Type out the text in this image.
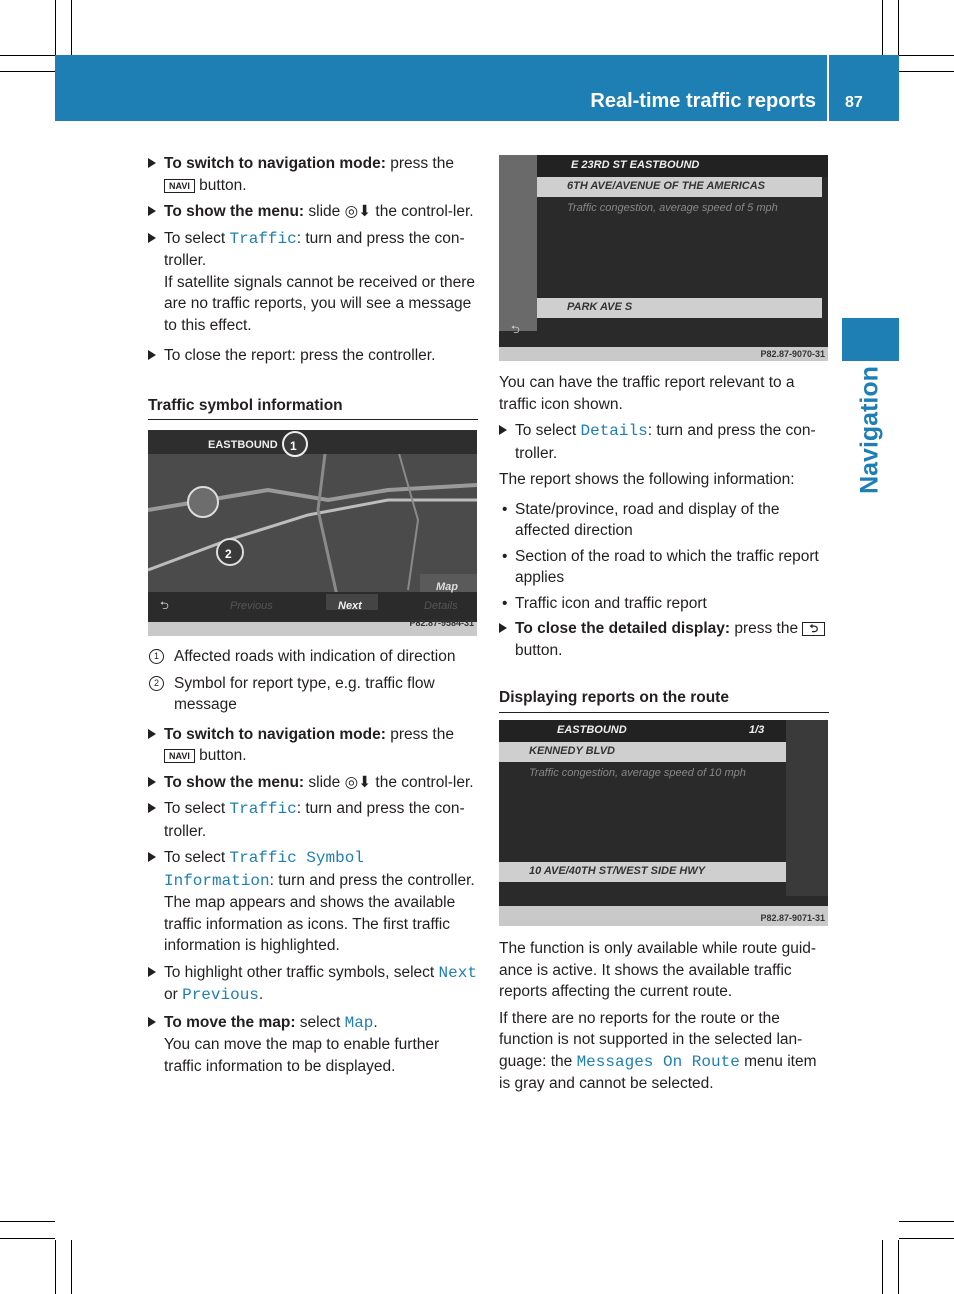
Real-time traffic reports 87
Navigation

To switch to navigation mode: press the NAVI button.

To show the menu: slide ◎⬇ the control-ler.

To select Traffic: turn and press the con-troller.

If satellite signals cannot be received or there are no traffic reports, you will see a message to this effect.

To close the report: press the controller.

Traffic symbol information
EASTBOUND 1
2
Map
⮌	Previous	Next	Details
P82.87-9584-31
1 Affected roads with indication of direction
2 Symbol for report type, e.g. traffic flow message

To switch to navigation mode: press the NAVI button.

To show the menu: slide ◎⬇ the control-ler.

To select Traffic: turn and press the con-troller.

To select Traffic Symbol Information: turn and press the controller.

The map appears and shows the available traffic information as icons. The first traffic information is highlighted.

To highlight other traffic symbols, select Next or Previous.

To move the map: select Map.

You can move the map to enable further traffic information to be displayed.

E 23RD ST EASTBOUND
6TH AVE/AVENUE OF THE AMERICAS
Traffic congestion, average speed of 5 mph
PARK AVE S
⮌
P82.87-9070-31

You can have the traffic report relevant to a traffic icon shown.

To select Details: turn and press the con-troller.

The report shows the following information:

• State/province, road and display of the affected direction
• Section of the road to which the traffic report applies
• Traffic icon and traffic report

To close the detailed display: press the ⮌ button.

Displaying reports on the route
EASTBOUND	1/3
KENNEDY BLVD
Traffic congestion, average speed of 10 mph
10 AVE/40TH ST/WEST SIDE HWY
P82.87-9071-31

The function is only available while route guid-ance is active. It shows the available traffic reports affecting the current route.

If there are no reports for the route or the function is not supported in the selected lan-guage: the Messages On Route menu item is gray and cannot be selected.
